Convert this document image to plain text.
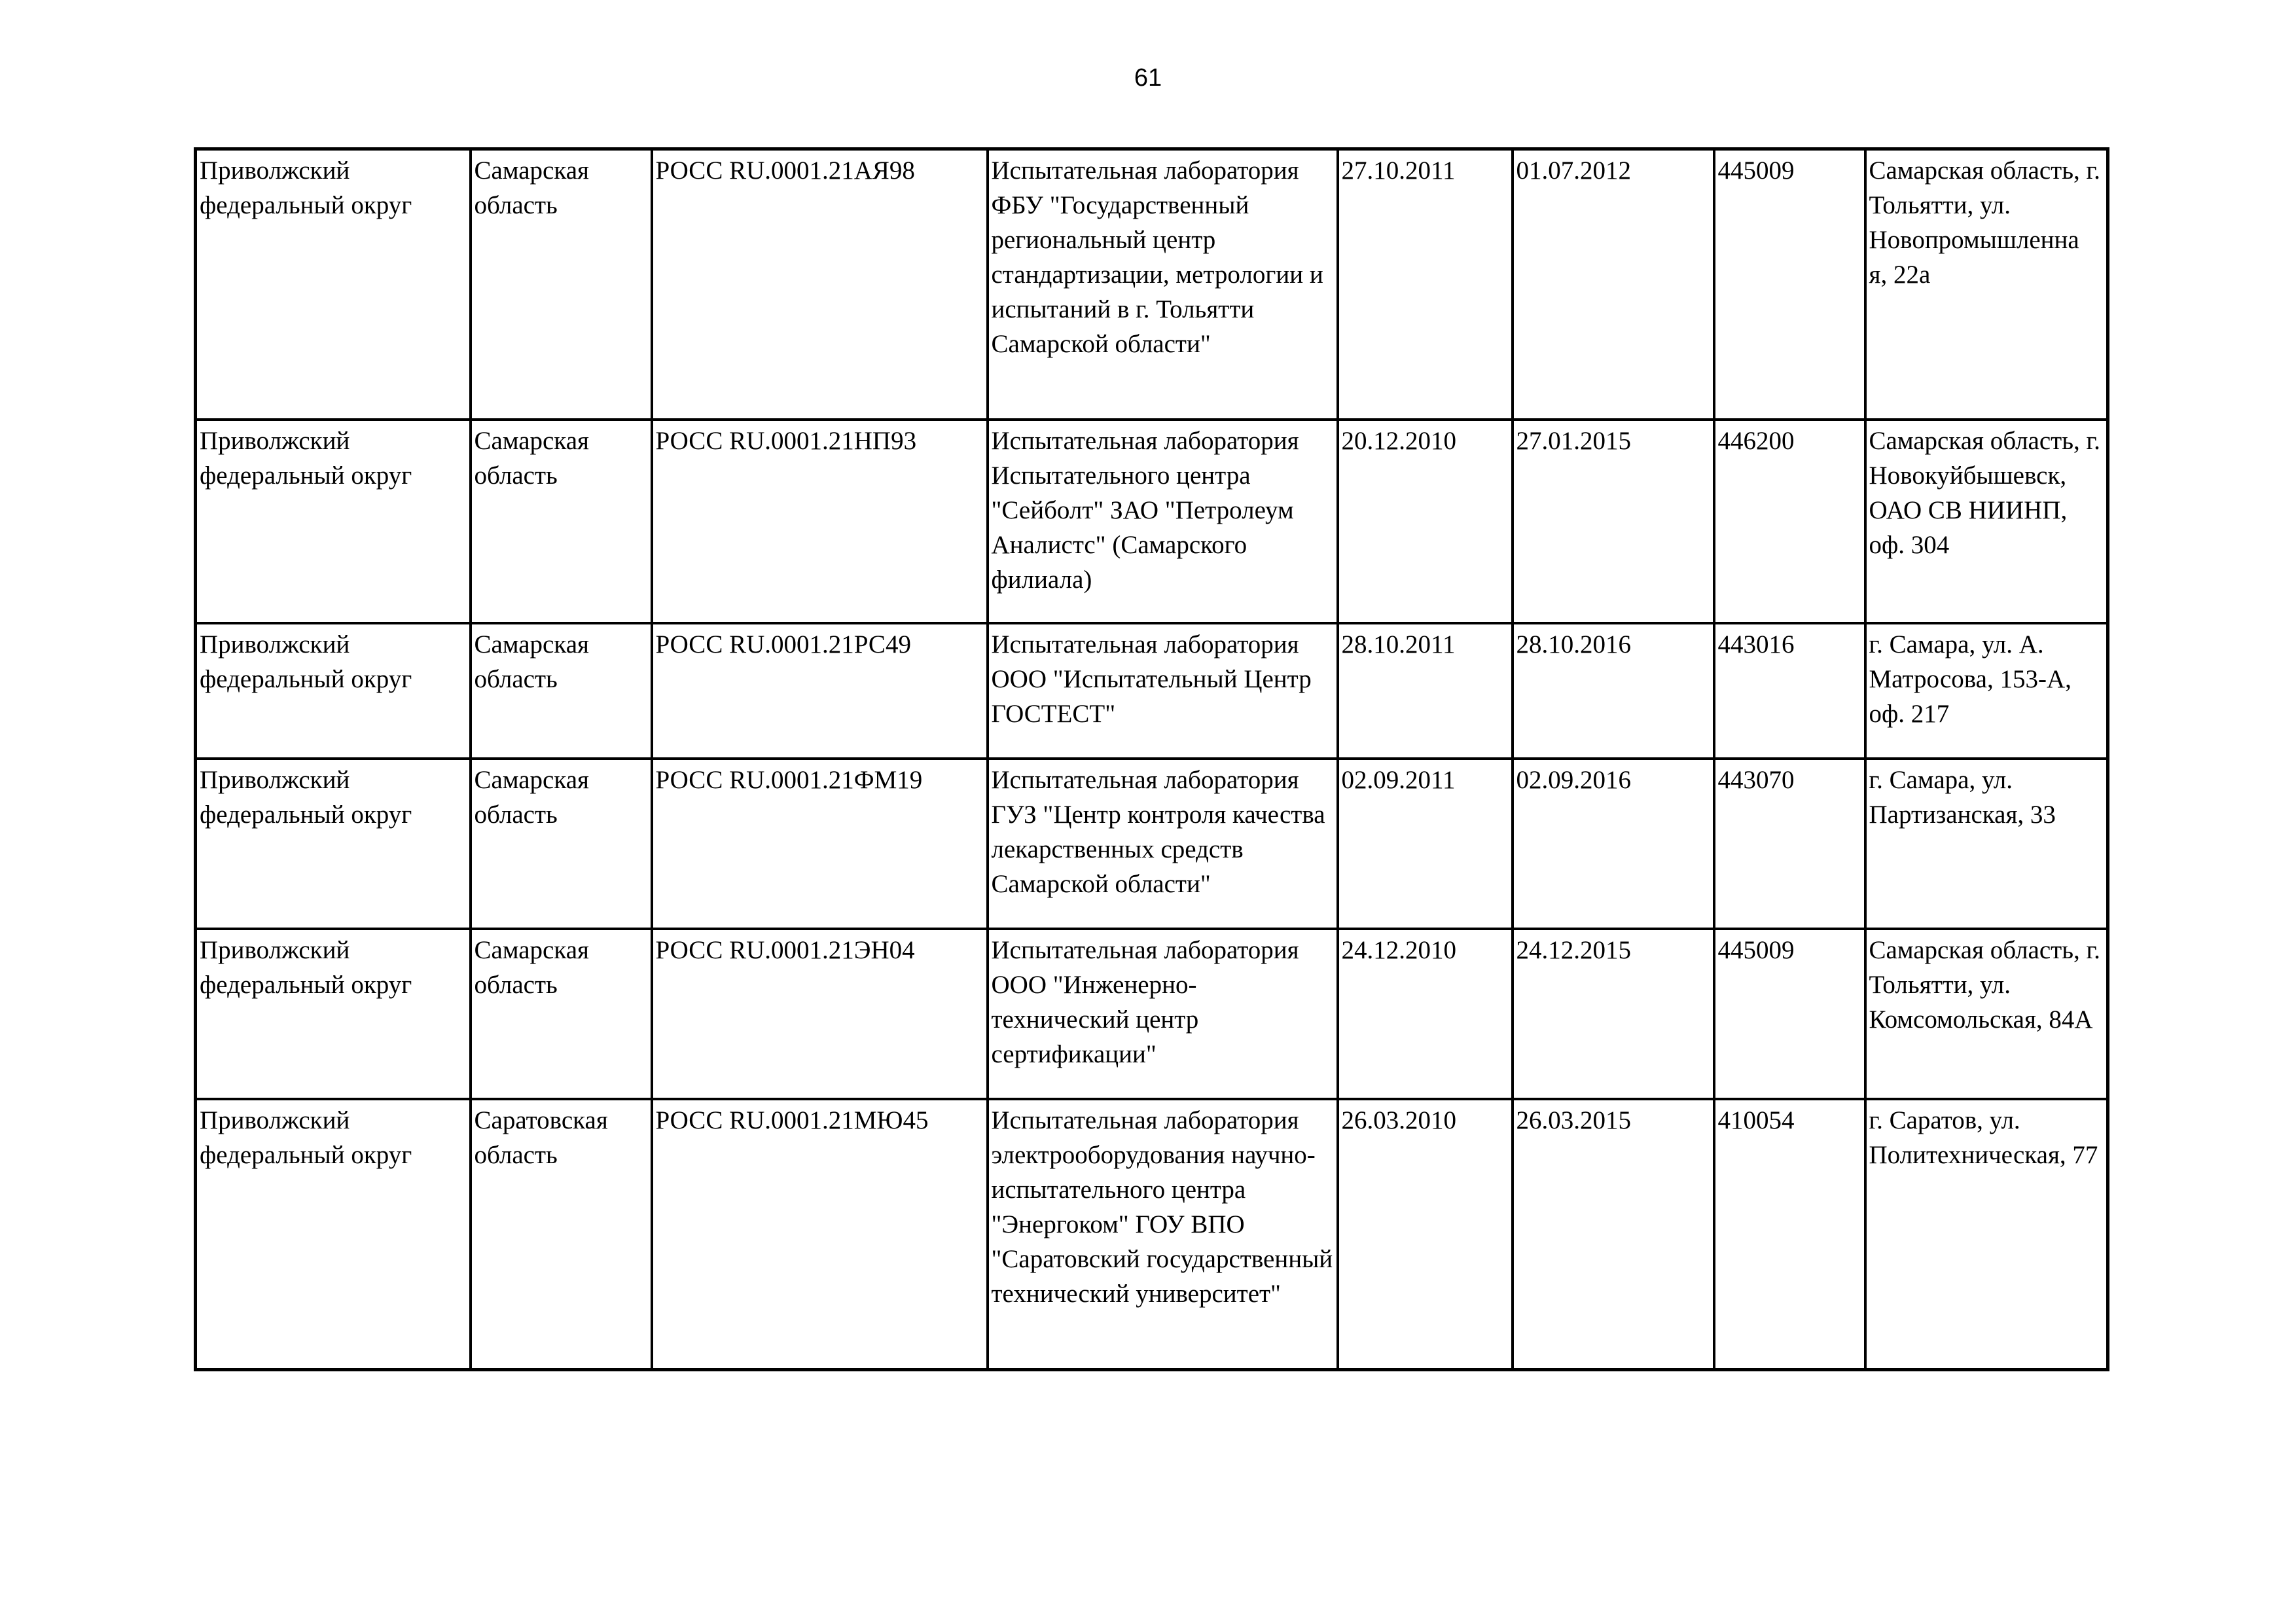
61
Приволжский федеральный округ	Самарская область	РОСС RU.0001.21АЯ98	Испытательная лаборатория ФБУ "Государственный региональный центр стандартизации, метрологии и испытаний в г. Тольятти Самарской области"	27.10.2011	01.07.2012	445009	Самарская область, г. Тольятти, ул. Новопромышленна я, 22а
Приволжский федеральный округ	Самарская область	РОСС RU.0001.21НП93	Испытательная лаборатория Испытательного центра "Сейболт" ЗАО "Петролеум Аналистс" (Самарского филиала)	20.12.2010	27.01.2015	446200	Самарская область, г. Новокуйбышевск, ОАО СВ НИИНП, оф. 304
Приволжский федеральный округ	Самарская область	РОСС RU.0001.21РС49	Испытательная лаборатория ООО "Испытательный Центр ГОСТЕСТ"	28.10.2011	28.10.2016	443016	г. Самара, ул. А. Матросова, 153-А, оф. 217
Приволжский федеральный округ	Самарская область	РОСС RU.0001.21ФМ19	Испытательная лаборатория ГУЗ "Центр контроля качества лекарственных средств Самарской области"	02.09.2011	02.09.2016	443070	г. Самара, ул. Партизанская, 33
Приволжский федеральный округ	Самарская область	РОСС RU.0001.21ЭН04	Испытательная лаборатория ООО "Инженерно-технический центр сертификации"	24.12.2010	24.12.2015	445009	Самарская область, г. Тольятти, ул. Комсомольская, 84А
Приволжский федеральный округ	Саратовская область	РОСС RU.0001.21МЮ45	Испытательная лаборатория электрооборудования научно-испытательного центра "Энергоком" ГОУ ВПО "Саратовский государственный технический университет"	26.03.2010	26.03.2015	410054	г. Саратов, ул. Политехническая, 77
